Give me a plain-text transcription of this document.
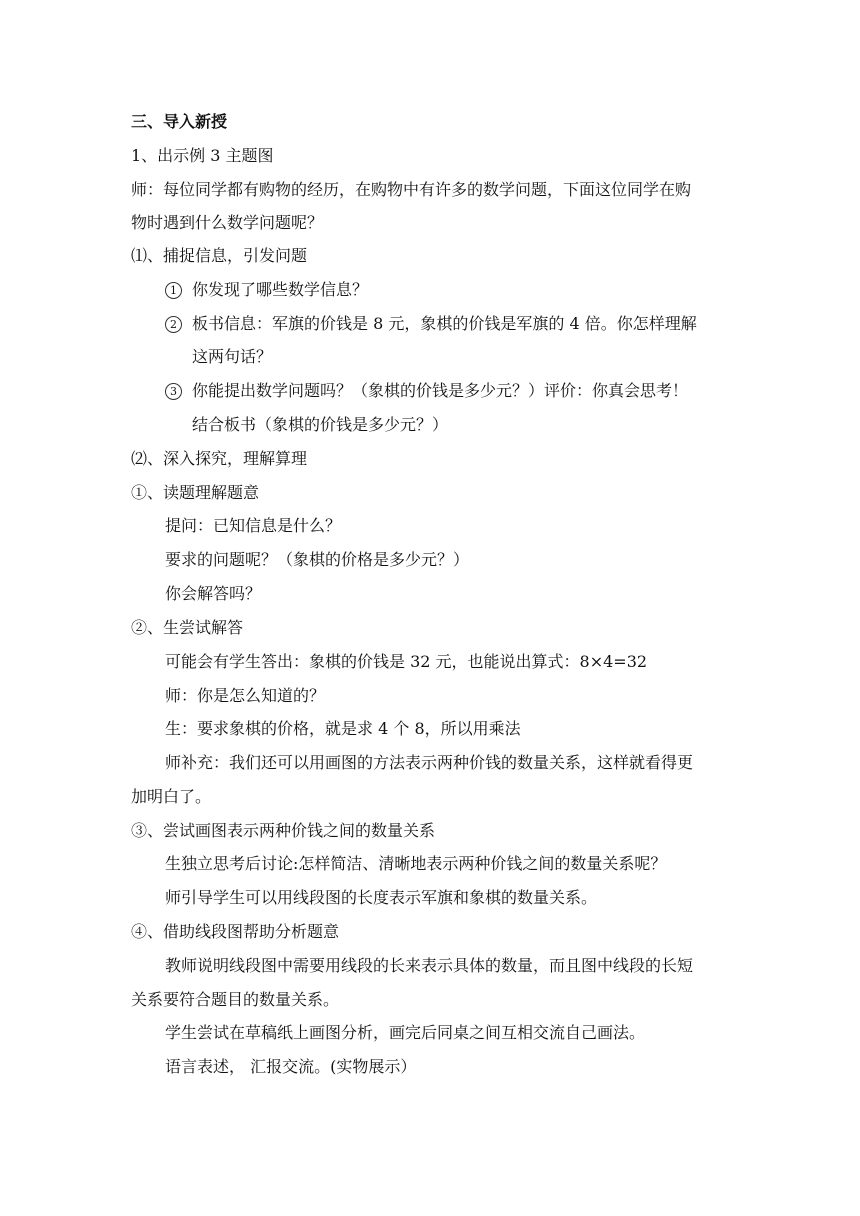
三、导入新授
1、出示例 3 主题图
师：每位同学都有购物的经历，在购物中有许多的数学问题，下面这位同学在购
物时遇到什么数学问题呢？
⑴、捕捉信息，引发问题
1 你发现了哪些数学信息？
2 板书信息：军旗的价钱是 8 元，象棋的价钱是军旗的 4 倍。你怎样理解
这两句话？
3 你能提出数学问题吗？（象棋的价钱是多少元？）评价：你真会思考！
结合板书（象棋的价钱是多少元？）
⑵、深入探究，理解算理
①、读题理解题意
提问：已知信息是什么？
要求的问题呢？（象棋的价格是多少元？）
你会解答吗？
②、生尝试解答
可能会有学生答出：象棋的价钱是 32 元，也能说出算式：8×4=32
师：你是怎么知道的？
生：要求象棋的价格，就是求 4 个 8，所以用乘法
师补充：我们还可以用画图的方法表示两种价钱的数量关系，这样就看得更
加明白了。
③、尝试画图表示两种价钱之间的数量关系
生独立思考后讨论:怎样简洁、清晰地表示两种价钱之间的数量关系呢？
师引导学生可以用线段图的长度表示军旗和象棋的数量关系。
④、借助线段图帮助分析题意
教师说明线段图中需要用线段的长来表示具体的数量，而且图中线段的长短
关系要符合题目的数量关系。
学生尝试在草稿纸上画图分析，画完后同桌之间互相交流自己画法。
语言表述， 汇报交流。(实物展示）
